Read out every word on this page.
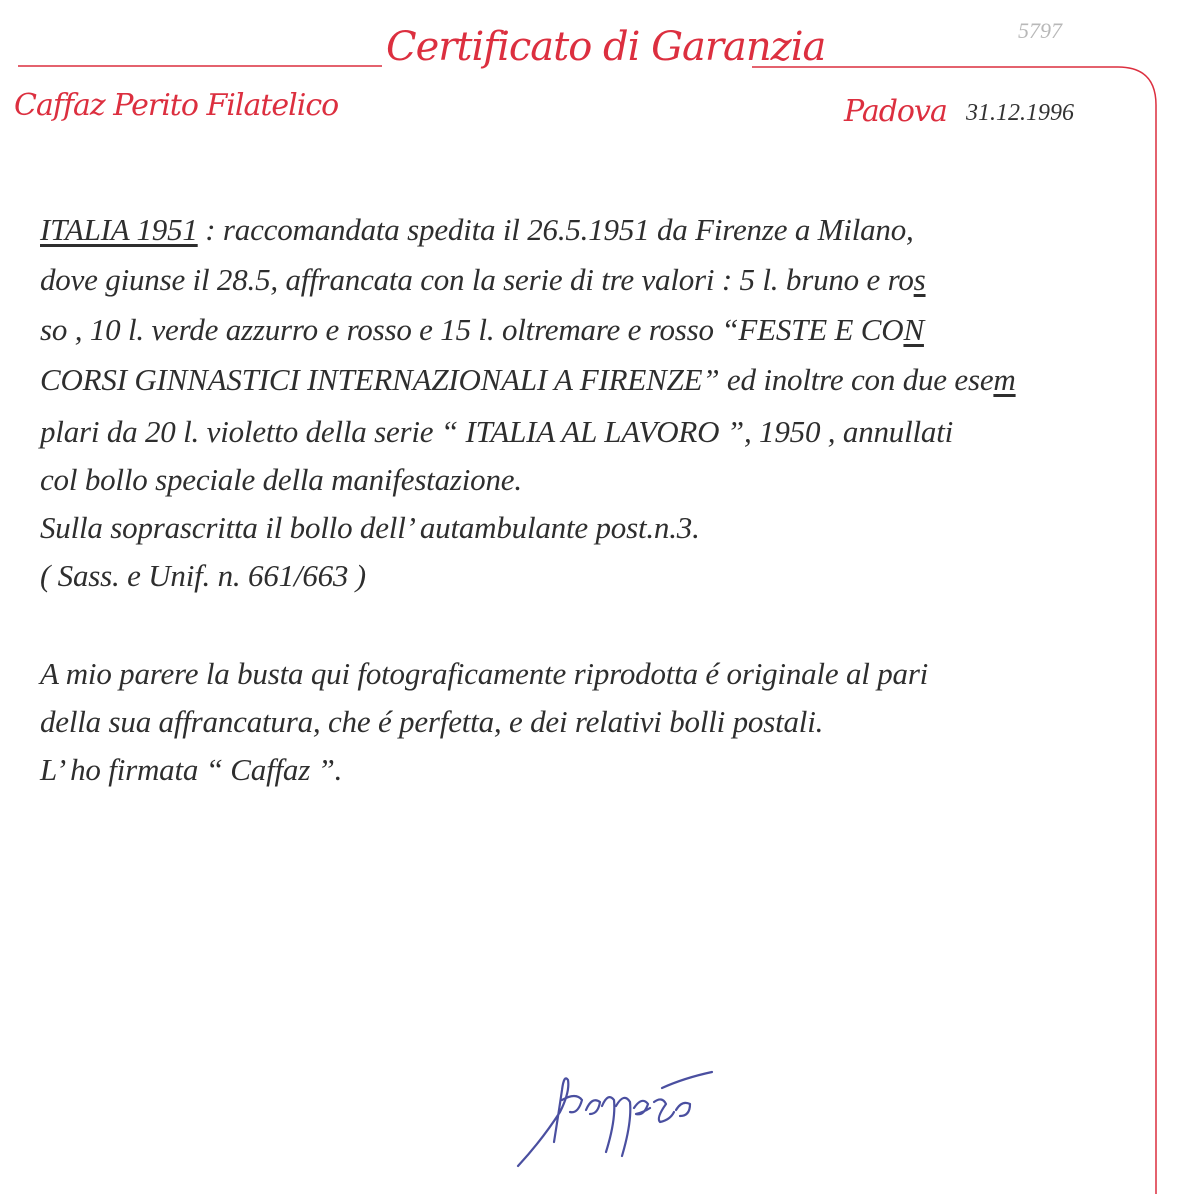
5797
Certificato di Garanzia
Caffaz Perito Filatelico	Padova 31.12.1996
ITALIA 1951 : raccomandata spedita il 26.5.1951 da Firenze a Milano,
dove giunse il 28.5, affrancata con la serie di tre valori : 5 l. bruno e ros
so , 10 l. verde azzurro e rosso e 15 l. oltremare e rosso “FESTE E CON
CORSI GINNASTICI INTERNAZIONALI A FIRENZE” ed inoltre con due esem
plari da 20 l. violetto della serie “ ITALIA AL LAVORO ”, 1950 , annullati
col bollo speciale della manifestazione.
Sulla soprascritta il bollo dell’ autambulante post.n.3.
( Sass. e Unif. n. 661/663 )
A mio parere la busta qui fotograficamente riprodotta é originale al pari
della sua affrancatura, che é perfetta, e dei relativi bolli postali.
L’ ho firmata “ Caffaz ”.
